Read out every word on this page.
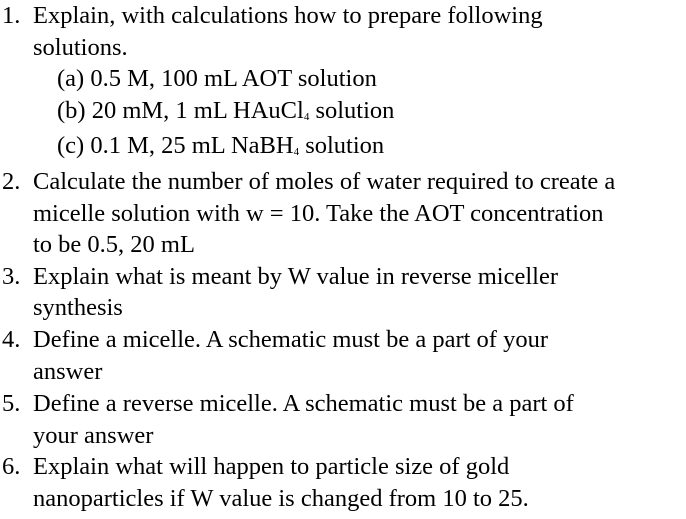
1. Explain, with calculations how to prepare following
solutions.
(a) 0.5 M, 100 mL AOT solution
(b) 20 mM, 1 mL HAuCl$_4$ solution
(c) 0.1 M, 25 mL NaBH$_4$ solution
2. Calculate the number of moles of water required to create a
micelle solution with w = 10. Take the AOT concentration
to be 0.5, 20 mL
3. Explain what is meant by W value in reverse miceller
synthesis
4. Define a micelle. A schematic must be a part of your
answer
5. Define a reverse micelle. A schematic must be a part of
your answer
6. Explain what will happen to particle size of gold
nanoparticles if W value is changed from 10 to 25.
